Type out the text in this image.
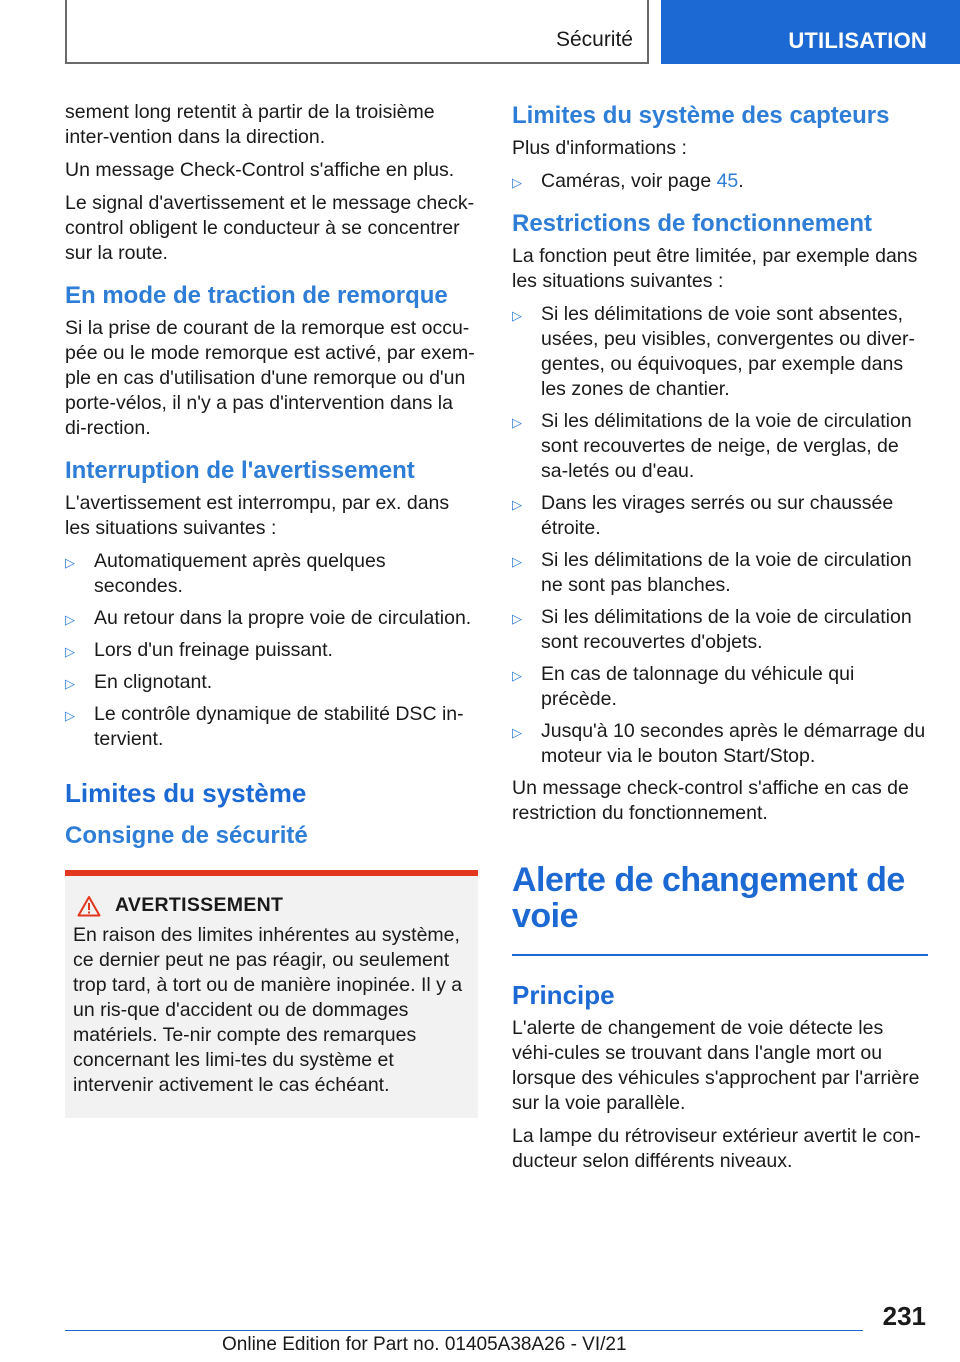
Sécurité	UTILISATION

sement long retentit à partir de la troisième inter-vention dans la direction.

Un message Check-Control s'affiche en plus.

Le signal d'avertissement et le message check-control obligent le conducteur à se concentrer sur la route.

En mode de traction de remorque

Si la prise de courant de la remorque est occu-pée ou le mode remorque est activé, par exem-ple en cas d'utilisation d'une remorque ou d'un porte-vélos, il n'y a pas d'intervention dans la di-rection.

Interruption de l'avertissement

L'avertissement est interrompu, par ex. dans les situations suivantes :

▷ Automatiquement après quelques secondes.
▷ Au retour dans la propre voie de circulation.
▷ Lors d'un freinage puissant.
▷ En clignotant.
▷ Le contrôle dynamique de stabilité DSC in-tervient.
Limites du système
Consigne de sécurité
AVERTISSEMENT

En raison des limites inhérentes au système, ce dernier peut ne pas réagir, ou seulement trop tard, à tort ou de manière inopinée. Il y a un ris-que d'accident ou de dommages matériels. Te-nir compte des remarques concernant les limi-tes du système et intervenir activement le cas échéant.

Limites du système des capteurs

Plus d'informations :

▷ Caméras, voir page 45.
Restrictions de fonctionnement

La fonction peut être limitée, par exemple dans les situations suivantes :

▷ Si les délimitations de voie sont absentes, usées, peu visibles, convergentes ou diver-gentes, ou équivoques, par exemple dans les zones de chantier.
▷ Si les délimitations de la voie de circulation sont recouvertes de neige, de verglas, de sa-letés ou d'eau.
▷ Dans les virages serrés ou sur chaussée étroite.
▷ Si les délimitations de la voie de circulation ne sont pas blanches.
▷ Si les délimitations de la voie de circulation sont recouvertes d'objets.
▷ En cas de talonnage du véhicule qui précède.
▷ Jusqu'à 10 secondes après le démarrage du moteur via le bouton Start/Stop.

Un message check-control s'affiche en cas de restriction du fonctionnement.

Alerte de changement de voie
Principe

L'alerte de changement de voie détecte les véhi-cules se trouvant dans l'angle mort ou lorsque des véhicules s'approchent par l'arrière sur la voie parallèle.

La lampe du rétroviseur extérieur avertit le con-ducteur selon différents niveaux.

231
Online Edition for Part no. 01405A38A26 - VI/21
